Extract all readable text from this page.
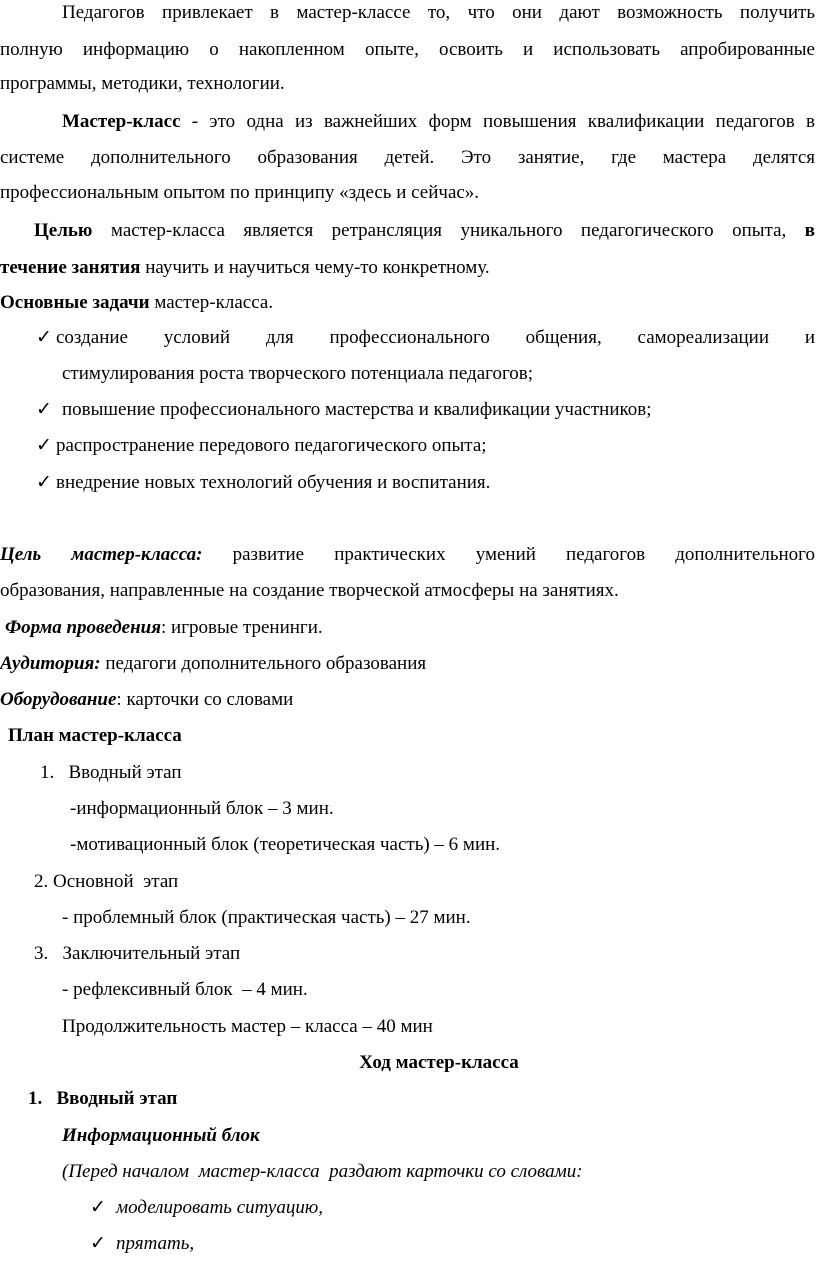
Педагогов привлекает в мастер-классе то, что они дают возможность получить
полную информацию о накопленном опыте, освоить и использовать апробированные
программы, методики, технологии.
Мастер-класс - это одна из важнейших форм повышения квалификации педагогов в
системе дополнительного образования детей. Это занятие, где мастера делятся
профессиональным опытом по принципу «здесь и сейчас».
Целью мастер-класса является ретрансляция уникального педагогического опыта, в
течение занятия научить и научиться чему-то конкретному.
Основные задачи мастер-класса.
✓ создание условий для профессионального общения, самореализации и
стимулирования роста творческого потенциала педагогов;
✓ повышение профессионального мастерства и квалификации участников;
✓ распространение передового педагогического опыта;
✓ внедрение новых технологий обучения и воспитания.
Цель мастер-класса: развитие практических умений педагогов дополнительного
образования, направленные на создание творческой атмосферы на занятиях.
Форма проведения: игровые тренинги.
Аудитория: педагоги дополнительного образования
Оборудование: карточки со словами
План мастер-класса
1.   Вводный этап
-информационный блок – 3 мин.
-мотивационный блок (теоретическая часть) – 6 мин.
2. Основной  этап
- проблемный блок (практическая часть) – 27 мин.
3.   Заключительный этап
- рефлексивный блок  – 4 мин.
Продолжительность мастер – класса – 40 мин
Ход мастер-класса
1.   Вводный этап
Информационный блок
(Перед началом  мастер-класса  раздают карточки со словами:
✓ моделировать ситуацию,
✓ прятать,
